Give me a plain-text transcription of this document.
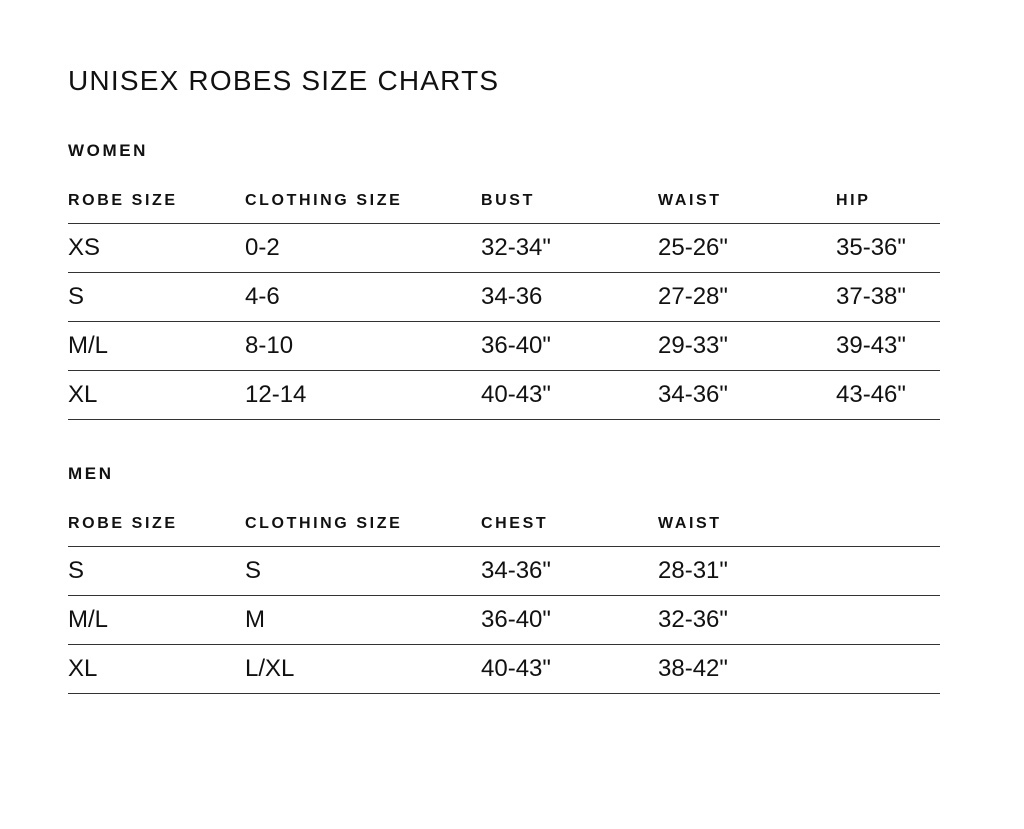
UNISEX ROBES SIZE CHARTS
WOMEN
ROBE SIZE	CLOTHING SIZE	BUST	WAIST	HIP
XS	0-2	32-34"	25-26"	35-36"
S	4-6	34-36	27-28"	37-38"
M/L	8-10	36-40"	29-33"	39-43"
XL	12-14	40-43"	34-36"	43-46"
MEN
ROBE SIZE	CLOTHING SIZE	CHEST	WAIST	
S	S	34-36"	28-31"	
M/L	M	36-40"	32-36"	
XL	L/XL	40-43"	38-42"	
